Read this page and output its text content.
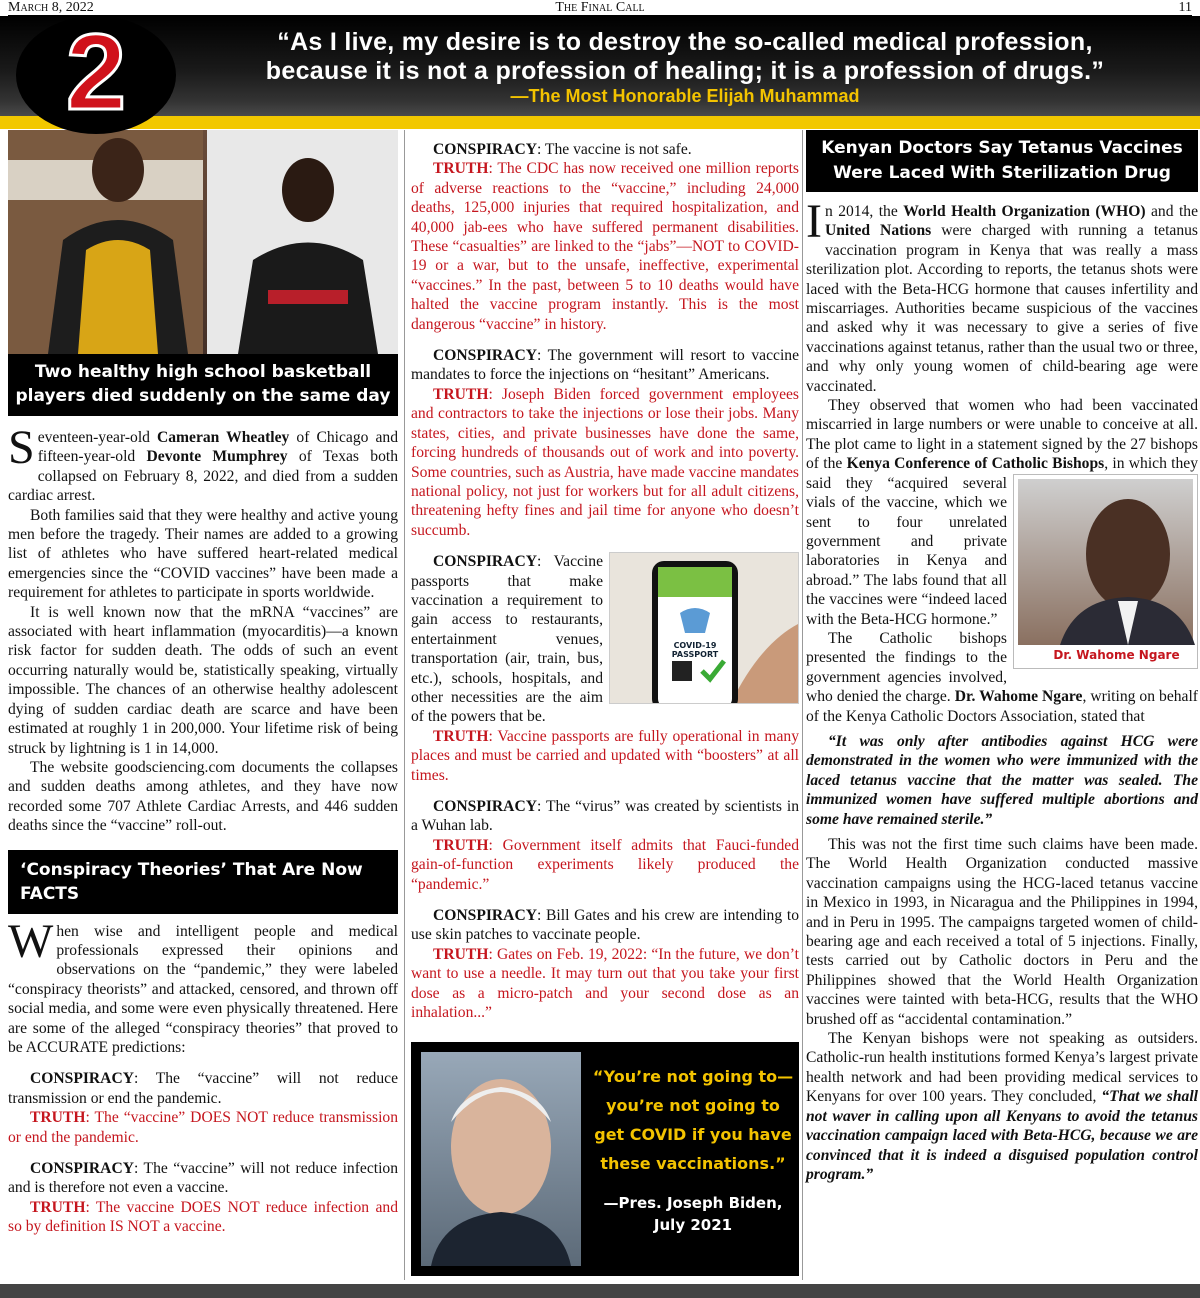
March 8, 2022	The Final Call	11
2	“As I live, my desire is to destroy the so-called medical profession,
because it is not a profession of healing; it is a profession of drugs.”
—The Most Honorable Elijah Muhammad
Two healthy high school basketball players died suddenly on the same day

Seventeen-year-old Cameran Wheatley of Chicago and fifteen-year-old Devonte Mumphrey of Texas both collapsed on February 8, 2022, and died from a sudden cardiac arrest.

Both families said that they were healthy and active young men before the tragedy. Their names are added to a growing list of athletes who have suffered heart-related medical emergencies since the “COVID vaccines” have been made a requirement for athletes to participate in sports worldwide.

It is well known now that the mRNA “vaccines” are associated with heart inflammation (myocarditis)—a known risk factor for sudden death. The odds of such an event occurring naturally would be, statistically speaking, virtually impossible. The chances of an otherwise healthy adolescent dying of sudden cardiac death are scarce and have been estimated at roughly 1 in 200,000. Your lifetime risk of being struck by lightning is 1 in 14,000.

The website goodsciencing.com documents the collapses and sudden deaths among athletes, and they have now recorded some 707 Athlete Cardiac Arrests, and 446 sudden deaths since the “vaccine” roll-out.

‘Conspiracy Theories’ That Are Now FACTS

When wise and intelligent people and medical professionals expressed their opinions and observations on the “pandemic,” they were labeled “conspiracy theorists” and attacked, censored, and thrown off social media, and some were even physically threatened. Here are some of the alleged “conspiracy theories” that proved to be ACCURATE predictions:

CONSPIRACY: The “vaccine” will not reduce transmission or end the pandemic.

TRUTH: The “vaccine” DOES NOT reduce transmission or end the pandemic.

CONSPIRACY: The “vaccine” will not reduce infection and is therefore not even a vaccine.

TRUTH: The vaccine DOES NOT reduce infection and so by definition IS NOT a vaccine.

CONSPIRACY: The vaccine is not safe.

TRUTH: The CDC has now received one million reports of adverse reactions to the “vaccine,” including 24,000 deaths, 125,000 injuries that required hospitalization, and 40,000 jab-ees who have suffered permanent disabilities. These “casualties” are linked to the “jabs”—NOT to COVID-19 or a war, but to the unsafe, ineffective, experimental “vaccines.” In the past, between 5 to 10 deaths would have halted the vaccine program instantly. This is the most dangerous “vaccine” in history.

CONSPIRACY: The government will resort to vaccine mandates to force the injections on “hesitant” Americans.

TRUTH: Joseph Biden forced government employees and contractors to take the injections or lose their jobs. Many states, cities, and private businesses have done the same, forcing hundreds of thousands out of work and into poverty. Some countries, such as Austria, have made vaccine mandates national policy, not just for workers but for all adult citizens, threatening hefty fines and jail time for anyone who doesn’t succumb.

COVID-19 PASSPORT

CONSPIRACY: Vaccine passports that make vaccination a requirement to gain access to restaurants, entertainment venues, transportation (air, train, bus, etc.), schools, hospitals, and other necessities are the aim of the powers that be.

TRUTH: Vaccine passports are fully operational in many places and must be carried and updated with “boosters” at all times.

CONSPIRACY: The “virus” was created by scientists in a Wuhan lab.

TRUTH: Government itself admits that Fauci-funded gain-of-function experiments likely produced the “pandemic.”

CONSPIRACY: Bill Gates and his crew are intending to use skin patches to vaccinate people.

TRUTH: Gates on Feb. 19, 2022: “In the future, we don’t want to use a needle. It may turn out that you take your first dose as a micro-patch and your second dose as an inhalation...”

“You’re not going to— you’re not going to get COVID if you have these vaccinations.”
—Pres. Joseph Biden, July 2021
Kenyan Doctors Say Tetanus Vaccines Were Laced With Sterilization Drug

In 2014, the World Health Organization (WHO) and the United Nations were charged with running a tetanus vaccination program in Kenya that was really a mass sterilization plot. According to reports, the tetanus shots were laced with the Beta-HCG hormone that causes infertility and miscarriages. Authorities became suspicious of the vaccines and asked why it was necessary to give a series of five vaccinations against tetanus, rather than the usual two or three, and why only young women of child-bearing age were vaccinated.

They observed that women who had been vaccinated miscarried in large numbers or were unable to conceive at all. The plot came to light in a statement signed by the 27 bishops of the Kenya Conference of Catholic Bishops
Dr. Wahome Ngare
, in which they said they “acquired several vials of the vaccine, which we sent to four unrelated government and private laboratories in Kenya and abroad.” The labs found that all the vaccines were “indeed laced with the Beta-HCG hormone.”

The Catholic bishops presented the findings to the government agencies involved, who denied the charge. Dr. Wahome Ngare, writing on behalf of the Kenya Catholic Doctors Association, stated that

“It was only after antibodies against HCG were demonstrated in the women who were immunized with the laced tetanus vaccine that the matter was sealed. The immunized women have suffered multiple abortions and some have remained sterile.”

This was not the first time such claims have been made. The World Health Organization conducted massive vaccination campaigns using the HCG-laced tetanus vaccine in Mexico in 1993, in Nicaragua and the Philippines in 1994, and in Peru in 1995. The campaigns targeted women of child-bearing age and each received a total of 5 injections. Finally, tests carried out by Catholic doctors in Peru and the Philippines showed that the World Health Organization vaccines were tainted with beta-HCG, results that the WHO brushed off as “accidental contamination.”

The Kenyan bishops were not speaking as outsiders. Catholic-run health institutions formed Kenya’s largest private health network and had been providing medical services to Kenyans for over 100 years. They concluded, “That we shall not waver in calling upon all Kenyans to avoid the tetanus vaccination campaign laced with Beta-HCG, because we are convinced that it is indeed a disguised population control program.”
